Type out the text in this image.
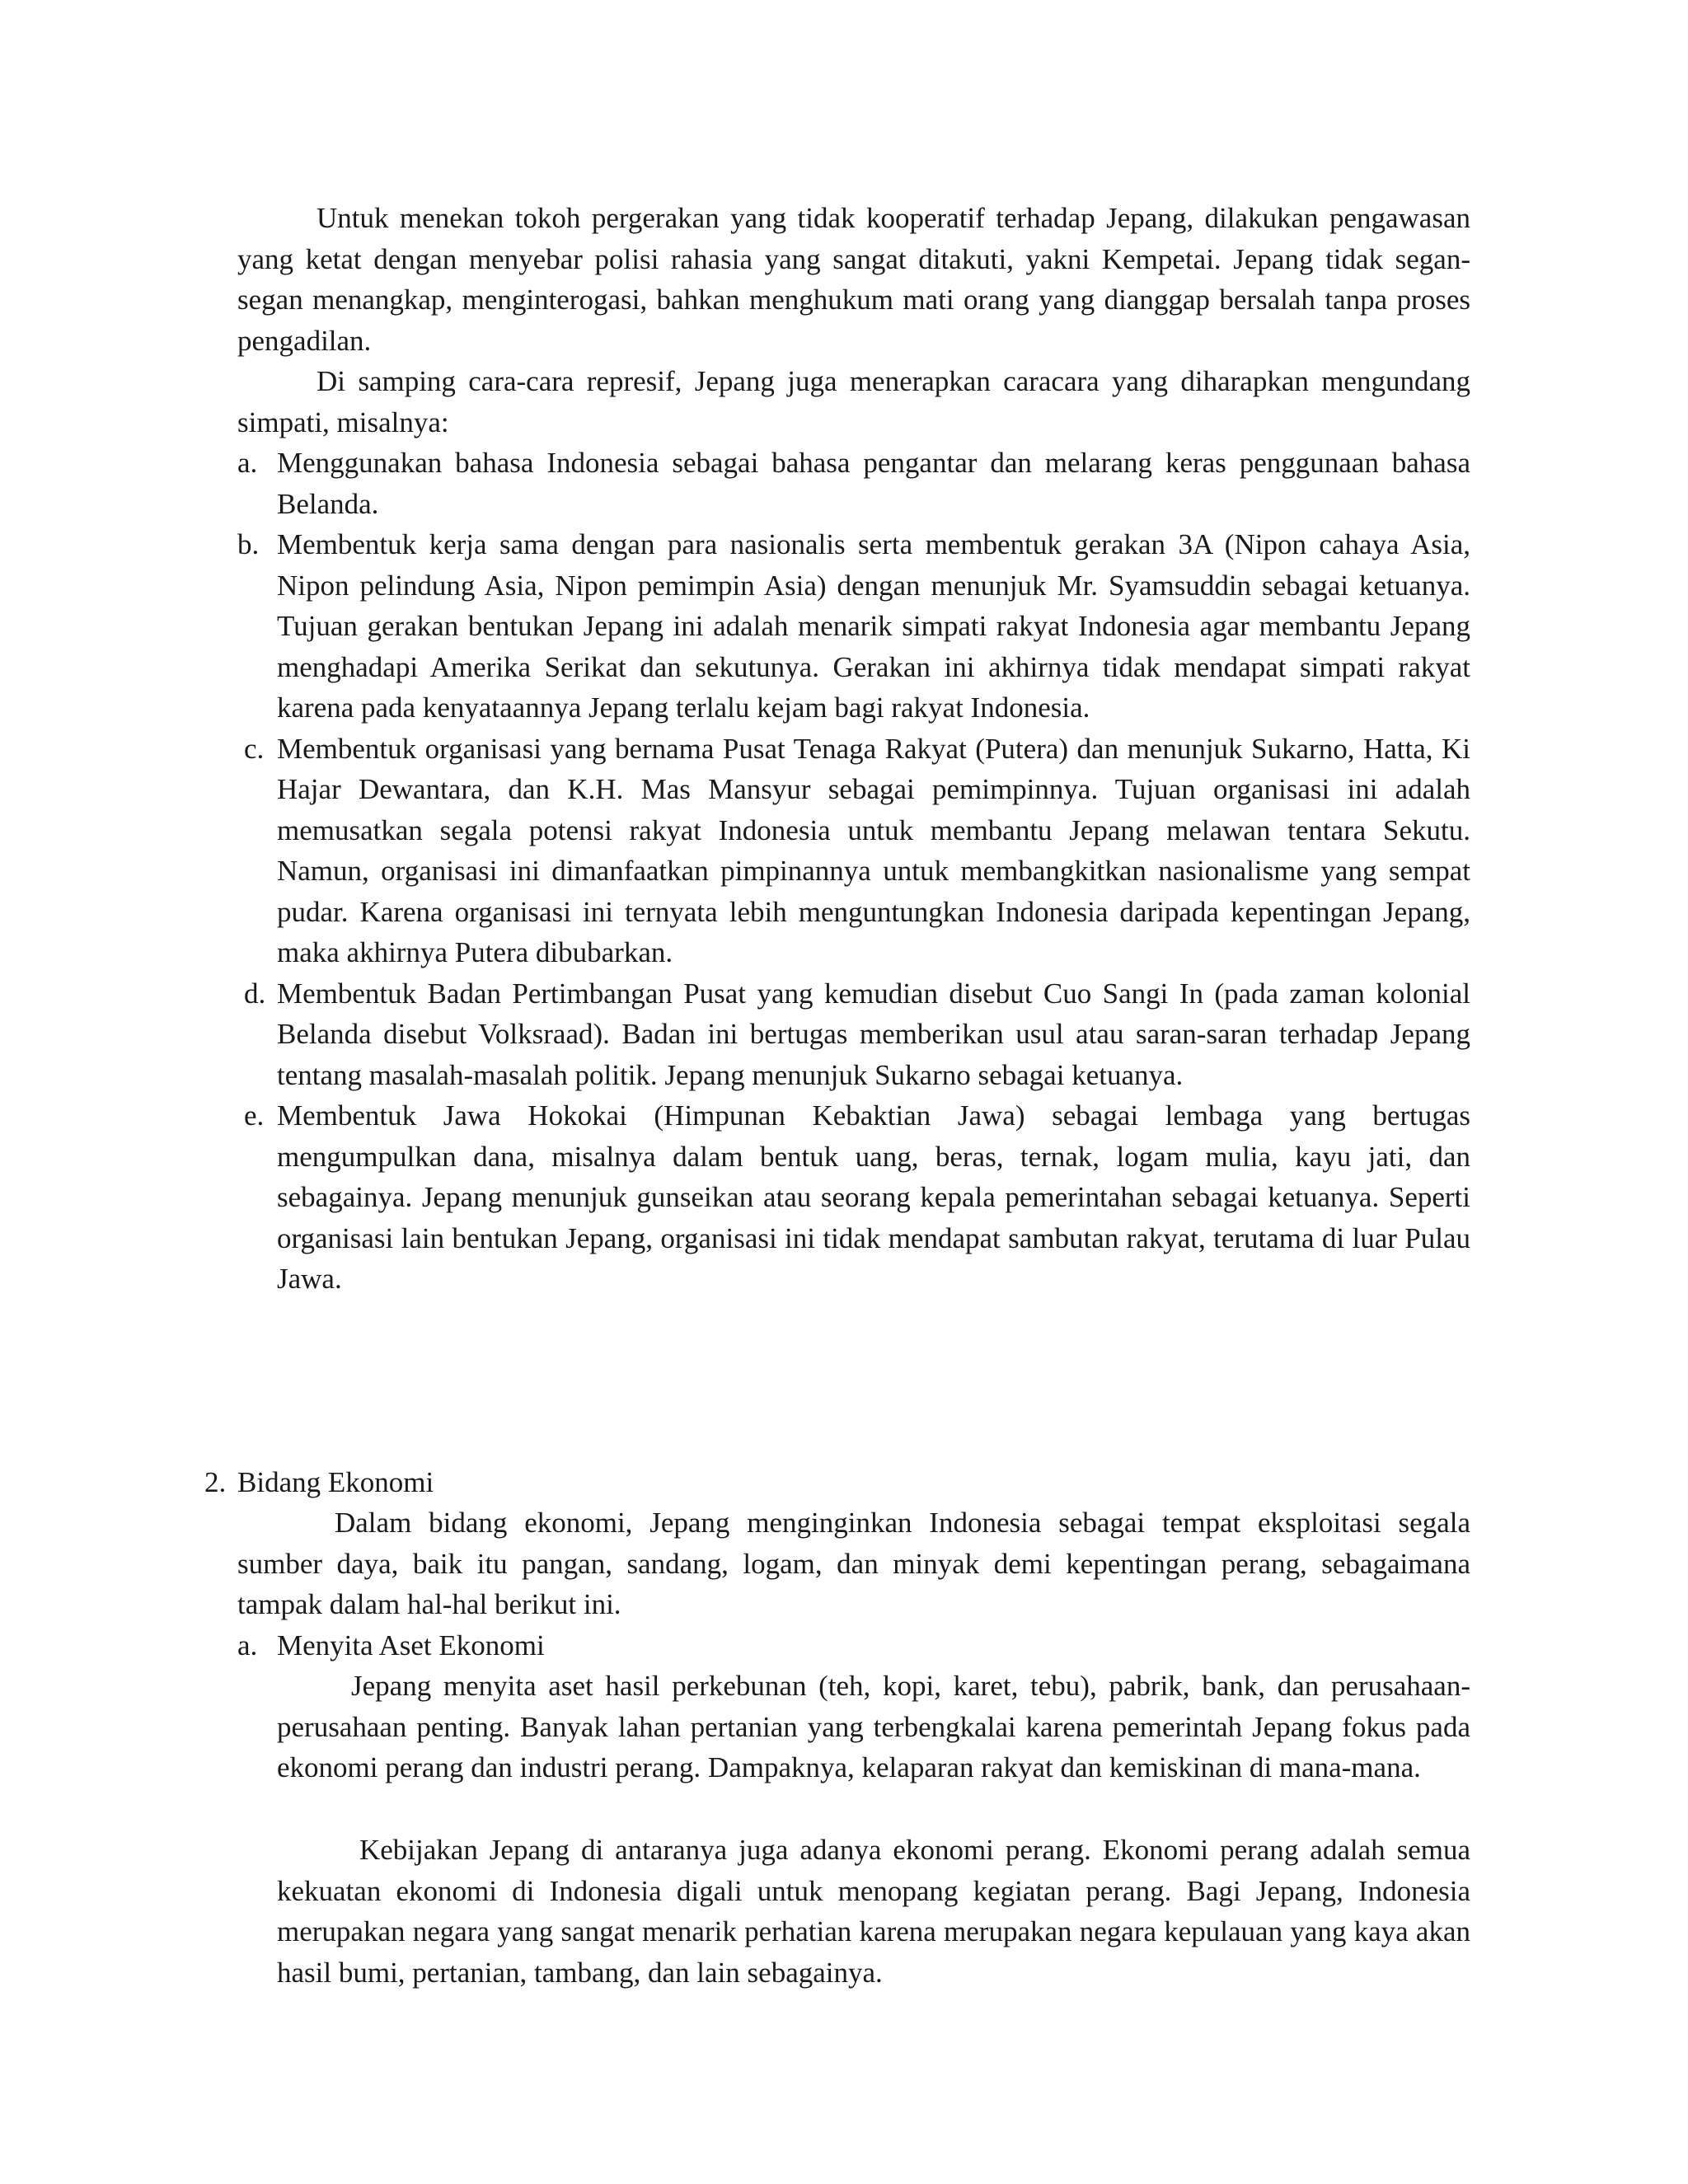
Untuk menekan tokoh pergerakan yang tidak kooperatif terhadap Jepang, dilakukan pengawasan yang ketat dengan menyebar polisi rahasia yang sangat ditakuti, yakni Kempetai. Jepang tidak segan-segan menangkap, menginterogasi, bahkan menghukum mati orang yang dianggap bersalah tanpa proses pengadilan.

Di samping cara-cara represif, Jepang juga menerapkan caracara yang diharapkan mengundang simpati, misalnya:

a. Menggunakan bahasa Indonesia sebagai bahasa pengantar dan melarang keras penggunaan bahasa Belanda.
b. Membentuk kerja sama dengan para nasionalis serta membentuk gerakan 3A (Nipon cahaya Asia, Nipon pelindung Asia, Nipon pemimpin Asia) dengan menunjuk Mr. Syamsuddin sebagai ketuanya. Tujuan gerakan bentukan Jepang ini adalah menarik simpati rakyat Indonesia agar membantu Jepang menghadapi Amerika Serikat dan sekutunya. Gerakan ini akhirnya tidak mendapat simpati rakyat karena pada kenyataannya Jepang terlalu kejam bagi rakyat Indonesia.
c. Membentuk organisasi yang bernama Pusat Tenaga Rakyat (Putera) dan menunjuk Sukarno, Hatta, Ki Hajar Dewantara, dan K.H. Mas Mansyur sebagai pemimpinnya. Tujuan organisasi ini adalah memusatkan segala potensi rakyat Indonesia untuk membantu Jepang melawan tentara Sekutu. Namun, organisasi ini dimanfaatkan pimpinannya untuk membangkitkan nasionalisme yang sempat pudar. Karena organisasi ini ternyata lebih menguntungkan Indonesia daripada kepentingan Jepang, maka akhirnya Putera dibubarkan.
d. Membentuk Badan Pertimbangan Pusat yang kemudian disebut Cuo Sangi In (pada zaman kolonial Belanda disebut Volksraad). Badan ini bertugas memberikan usul atau saran-saran terhadap Jepang tentang masalah-masalah politik. Jepang menunjuk Sukarno sebagai ketuanya.
e. Membentuk Jawa Hokokai (Himpunan Kebaktian Jawa) sebagai lembaga yang bertugas mengumpulkan dana, misalnya dalam bentuk uang, beras, ternak, logam mulia, kayu jati, dan sebagainya. Jepang menunjuk gunseikan atau seorang kepala pemerintahan sebagai ketuanya. Seperti organisasi lain bentukan Jepang, organisasi ini tidak mendapat sambutan rakyat, terutama di luar Pulau Jawa.
2. Bidang Ekonomi

Dalam bidang ekonomi, Jepang menginginkan Indonesia sebagai tempat eksploitasi segala sumber daya, baik itu pangan, sandang, logam, dan minyak demi kepentingan perang, sebagaimana tampak dalam hal-hal berikut ini.

a. Menyita Aset Ekonomi

Jepang menyita aset hasil perkebunan (teh, kopi, karet, tebu), pabrik, bank, dan perusahaan-perusahaan penting. Banyak lahan pertanian yang terbengkalai karena pemerintah Jepang fokus pada ekonomi perang dan industri perang. Dampaknya, kelaparan rakyat dan kemiskinan di mana-mana.

Kebijakan Jepang di antaranya juga adanya ekonomi perang. Ekonomi perang adalah semua kekuatan ekonomi di Indonesia digali untuk menopang kegiatan perang. Bagi Jepang, Indonesia merupakan negara yang sangat menarik perhatian karena merupakan negara kepulauan yang kaya akan hasil bumi, pertanian, tambang, dan lain sebagainya.
